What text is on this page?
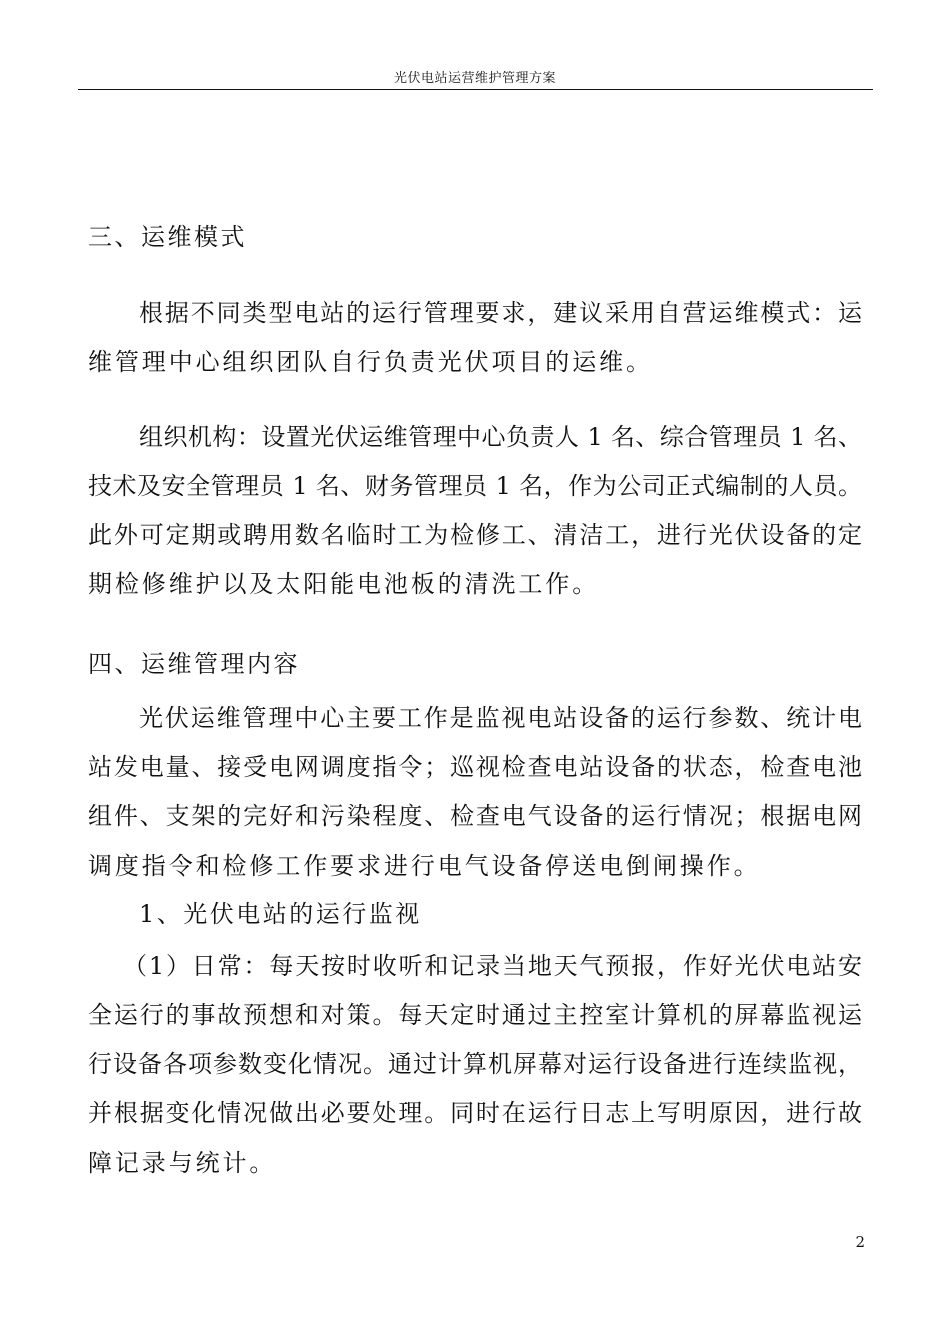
光伏电站运营维护管理方案
三、运维模式
根据不同类型电站的运行管理要求，建议采用自营运维模式：运
维管理中心组织团队自行负责光伏项目的运维。
组织机构：设置光伏运维管理中心负责人 1 名、综合管理员 1 名、
技术及安全管理员 1 名、财务管理员 1 名，作为公司正式编制的人员。
此外可定期或聘用数名临时工为检修工、清洁工，进行光伏设备的定
期检修维护以及太阳能电池板的清洗工作。
四、运维管理内容
光伏运维管理中心主要工作是监视电站设备的运行参数、统计电
站发电量、接受电网调度指令；巡视检查电站设备的状态，检查电池
组件、支架的完好和污染程度、检查电气设备的运行情况；根据电网
调度指令和检修工作要求进行电气设备停送电倒闸操作。
1、光伏电站的运行监视
（1）日常：每天按时收听和记录当地天气预报，作好光伏电站安
全运行的事故预想和对策。每天定时通过主控室计算机的屏幕监视运
行设备各项参数变化情况。通过计算机屏幕对运行设备进行连续监视，
并根据变化情况做出必要处理。同时在运行日志上写明原因，进行故
障记录与统计。
2
